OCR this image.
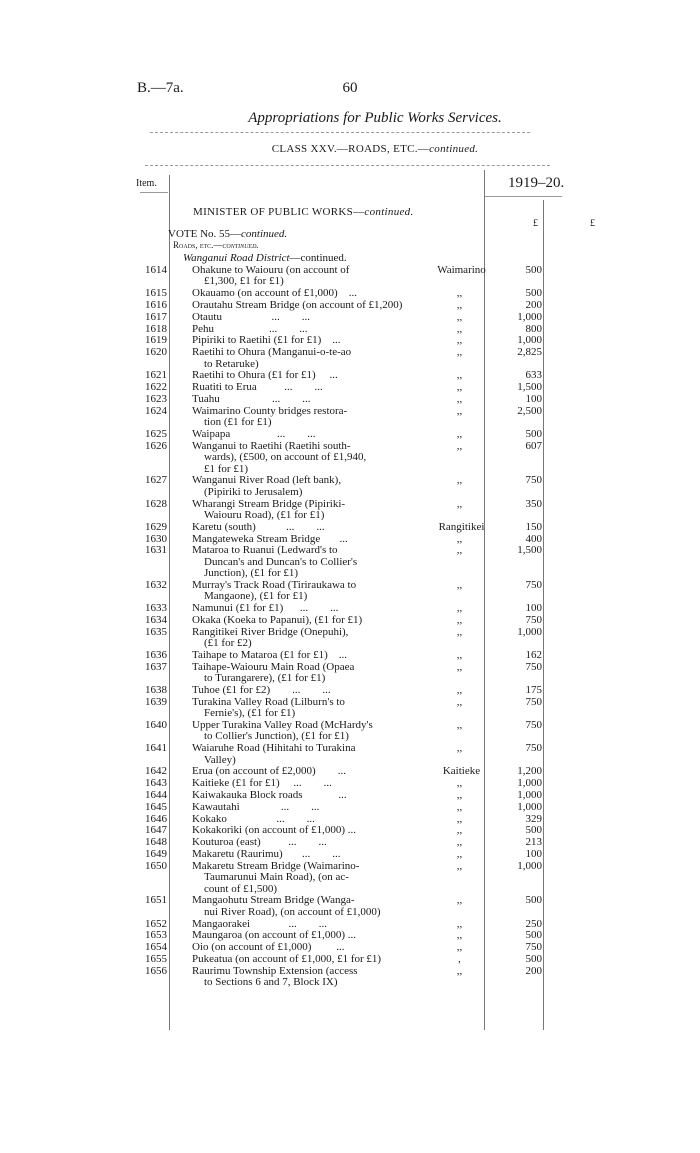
B.—7a.	60
Appropriations for Public Works Services.
CLASS XXV.—ROADS, ETC.—continued.
Item.	1919–20.
£	£
MINISTER OF PUBLIC WORKS—continued.
VOTE No. 55—continued.
Roads, etc.—continued.
Wanganui Road District—continued.
1614 Ohakune to Waiouru (on account of
£1,300, £1 for £1)
Waimarino	500
1615 Okauamo (on account of £1,000)    ...	,,	500
1616 Orautahu Stream Bridge (on account of £1,200)	,,	200
1617 Otautu                  ...        ...	,,	1,000
1618 Pehu                    ...        ...	,,	800
1619 Pipiriki to Raetihi (£1 for £1)    ...	,,	1,000
1620 Raetihi to Ohura (Manganui-o-te-ao
to Retaruke)
,,	2,825
1621 Raetihi to Ohura (£1 for £1)     ...	,,	633
1622 Ruatiti to Erua          ...        ...	,,	1,500
1623 Tuahu                   ...        ...	,,	100
1624 Waimarino County bridges restora-
tion (£1 for £1)
,,	2,500
1625 Waipapa                 ...        ...	,,	500
1626 Wanganui to Raetihi (Raetihi south-
wards), (£500, on account of £1,940,
£1 for £1)
,,	607
1627 Wanganui River Road (left bank),
(Pipiriki to Jerusalem)
,,	750
1628 Wharangi Stream Bridge (Pipiriki-
Waiouru Road), (£1 for £1)
,,	350
1629 Karetu (south)           ...        ...	Rangitikei	150
1630 Mangateweka Stream Bridge       ...	,,	400
1631 Mataroa to Ruanui (Ledward's to
Duncan's and Duncan's to Collier's
Junction), (£1 for £1)
,,	1,500
1632 Murray's Track Road (Tiriraukawa to
Mangaone), (£1 for £1)
,,	750
1633 Namunui (£1 for £1)      ...        ...	,,	100
1634 Okaka (Koeka to Papanui), (£1 for £1)	,,	750
1635 Rangitikei River Bridge (Onepuhi),
(£1 for £2)
,,	1,000
1636 Taihape to Mataroa (£1 for £1)    ...	,,	162
1637 Taihape-Waiouru Main Road (Opaea
to Turangarere), (£1 for £1)
,,	750
1638 Tuhoe (£1 for £2)        ...        ...	,,	175
1639 Turakina Valley Road (Lilburn's to
Fernie's), (£1 for £1)
,,	750
1640 Upper Turakina Valley Road (McHardy's
to Collier's Junction), (£1 for £1)
,,	750
1641 Waiaruhe Road (Hihitahi to Turakina
Valley)
,,	750
1642 Erua (on account of £2,000)        ...	Kaitieke	1,200
1643 Kaitieke (£1 for £1)     ...        ...	,,	1,000
1644 Kaiwakauka Block roads             ...	,,	1,000
1645 Kawautahi               ...        ...	,,	1,000
1646 Kokako                  ...        ...	,,	329
1647 Kokakoriki (on account of £1,000) ...	,,	500
1648 Kouturoa (east)          ...        ...	,,	213
1649 Makaretu (Raurimu)       ...        ...	,,	100
1650 Makaretu Stream Bridge (Waimarino-
Taumarunui Main Road), (on ac-
count of £1,500)
,,	1,000
1651 Mangaohutu Stream Bridge (Wanga-
nui River Road), (on account of £1,000)
,,	500
1652 Mangaorakei              ...        ...	,,	250
1653 Maungaroa (on account of £1,000) ...	,,	500
1654 Oio (on account of £1,000)         ...	,,	750
1655 Pukeatua (on account of £1,000, £1 for £1)	,	500
1656 Raurimu Township Extension (access
to Sections 6 and 7, Block IX)
,,	200
